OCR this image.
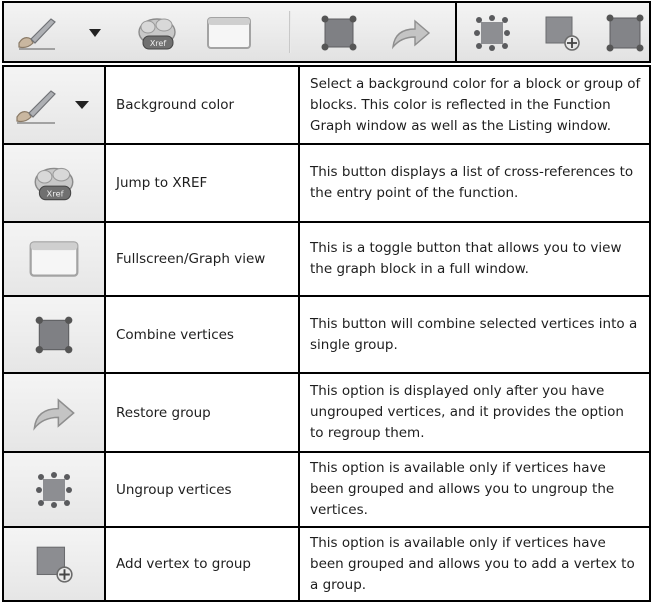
Xref
	Background color	Select a background color for a block or group of blocks. This color is reflected in the Function Graph window as well as the Listing window.

Xref	Jump to XREF	This button displays a list of cross-references to the entry point of the function.

	Fullscreen/Graph view	This is a toggle button that allows you to view the graph block in a full window.

	Combine vertices	This button will combine selected vertices into a single group.

	Restore group	This option is displayed only after you have ungrouped vertices, and it provides the option to regroup them.

	Ungroup vertices	This option is available only if vertices have been grouped and allows you to ungroup the vertices.

	Add vertex to group	This option is available only if vertices have been grouped and allows you to add a vertex to a group.
